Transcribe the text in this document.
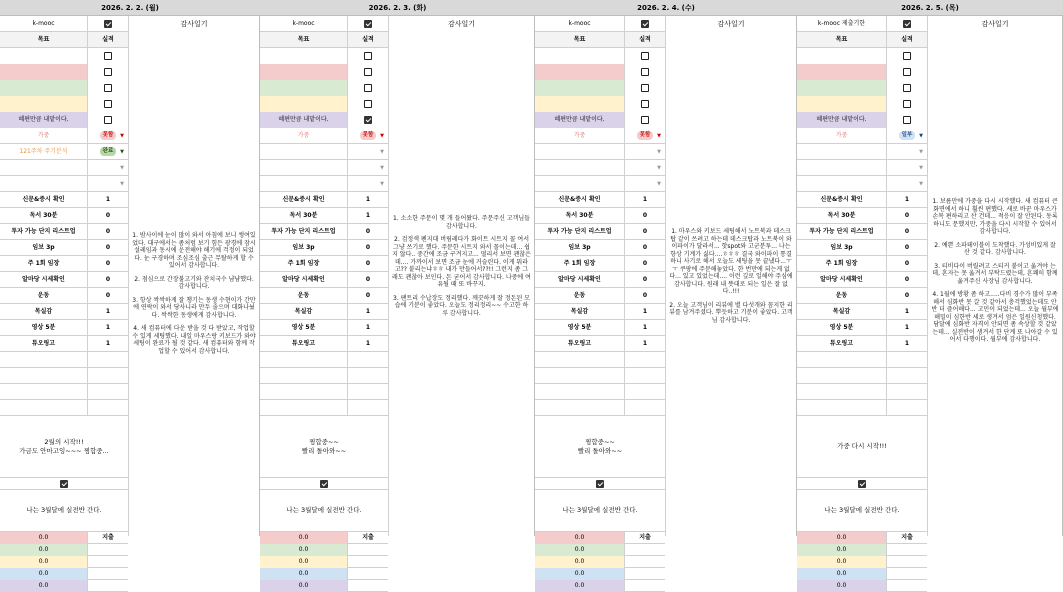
2026. 2. 2. (월)
k-mooc
목표	실적
혜편만큼 내맡이다.
가중	못함 ▼
121주차 주기분석	완료 ▼
▼
▼
신문&증시 확인	1
독서 30분	0
투자 가능 단지 리스트업	0
임보 3p	0
주 1회 임장	0
알마당 시세확인	0
운동	0
목실감	1
영상 5분	1
튜오링고	1
2월의 시작!!!
가금도 안마고잉~~~ 찡합중...
나는 3월달에 실전반 간다.
0.0	지출
0.0
0.0
0.0
0.0
감사일기

1. 밤사이에 눈이 많이 와서 아침에 보니 썽여있었다. 대구에서는 좀처럼 보기 힘든 광경에 잠시 설레임과 동시에 운전해야 해기에 걱정이 되었다. 눈 구경하며 조심조심 출근 무탈하게 할 수 있어서 감사합니다.

2. 점심으로 간장불고기와 잔치국수 냠냠했다. 감사합니다.

3. 항상 싹싹하게 잘 챙기는 동생 수현이가 간만에 연락이 와서 당사니라 만두 줄으며 대화나눴다. 싹싹한 동생에게 감사합니다.

4. 새 컴퓨터에 다운 받을 것 다 받았고, 작업할 수 있게 세팅했다. 내일 마우스랑 키보드가 와야 세팅이 완료가 될 것 같다. 새 컴퓨터와 함께 작업할 수 있어서 감사합니다.

2026. 2. 3. (화)
k-mooc
목표	실적
혜편만큼 내맡이다.
가중	못함 ▼
▼
▼
▼
신문&증시 확인	1
독서 30분	1
투자 가능 단지 리스트업	0
임보 3p	0
주 1회 임장	0
알마당 시세확인	0
운동	0
목실감	1
영상 5분	1
튜오링고	1
찡합중~~
빨리 돌아와~~
나는 3월달에 실전반 간다.
0.0	지출
0.0
0.0
0.0
0.0
감사일기

1. 소소한 주문이 몇 개 들어왔다. 주문주신 고객님들 감사합니다.

2. 검정색 펜지대 버림레다가 화이트 시트지 꼴 여서 그냥 쓰기로 했다. 주문한 시트지 와서 꼴이는데... 쉽지 않다.. 중간에 조금 구겨지고... 떨리서 보면 괜찮은데.... 가까이서 보면 조금 눈에 거슬린다. 이게 뭐라고?? 붙리는냐ㅎㅎ 내가 만들어서??!! 그런지 좀 그래도 괜찮아 보인다. 돈 굳어서 감사합니다. 나중에 여유될 때 또 바꾸지.

3. 팬트리 수납장도 정리했다. 깨끗하게 잘 정돈된 모습에 기분이 좋았다. 오늘도 정리정리~~ 수고한 하루 감사합니다.

2026. 2. 4. (수)
k-mooc
목표	실적
혜편만큼 내맡이다.
가중	못함 ▼
▼
▼
▼
신문&증시 확인	1
독서 30분	0
투자 가능 단지 리스트업	0
임보 3p	0
주 1회 임장	0
알마당 시세확인	0
운동	0
목실감	1
영상 5분	1
튜오링고	1
찡합중~~
빨리 돌아와~~
나는 3월달에 실전반 간다.
0.0	지출
0.0
0.0
0.0
0.0
감사일기

1. 마우스와 키보드 세팅해서 노트북과 데스크탑 같이 쓰려고 하는데 데스크탑과 노트북이 와이파이가 달라서... 핫spot와 고군분투... 나는 항상 기계가 싫다....ㅎㅎㅎ 결국 와이파이 통결 하니 사기로 해서 오늘도 세팅을 못 끝냈다...ㅜㅜ 쿠팡에 주문해놓았다. 한 번만에 되는게 없다... 있고 있었는데.... 이런 깊로 일해야 주심에 감사합니다. 원래 내 뜻대로 되는 일은 잘 없다..!!!

2. 오늘 고객님이 리뷰에 별 다섯개와 꼼지한 리뷰를 남겨주셨다. 뿌듯하고 기분이 좋았다. 고객님 감사합니다.

2026. 2. 5. (목)
k-mooc 제출기한
목표	실적
혜편만큼 내맡이다.
가중	일부 ▼
▼
▼
▼
신문&증시 확인	1
독서 30분	0
투자 가능 단지 리스트업	0
임보 3p	0
주 1회 임장	0
알마당 시세확인	0
운동	0
목실감	1
영상 5분	1
튜오링고	1
가중 다시 시작!!!
나는 3월달에 실전반 간다.
0.0	지출
0.0
0.0
0.0
0.0
감사일기

1. 보름만에 가중을 다시 시작했다. 새 컴퓨터 큰 화면에서 하니 훨씬 편했다. 새로 바꾼 마우스가 손목 편하리고 산 건데... 적응이 잘 안된다. 동록하니도 문했지만, 가중을 다시 시작할 수 있어서 감사합니다.

2. 예쁜 소파테이블이 도착했다. 가성비있게 잘 산 것 같다. 감사합니다.

3. 티비다이 버릴려고 스티커 붙이고 옮겨야 는데, 혼자는 못 옮겨서 부탁드렸는데, 흔쾌히 함께 옮겨주신 사장님 감사합니다.

4. 1월에 방황 좀 하고.....다비 경수가 많이 부족해서 심화반 못 갈 것 같아서 충걱했었는데도 안 반 더 즐어해다... 고민이 되었는데... 오늘 월부에 해밀이 심한반 세로 생겨서 엄은 일원신청했다. 담달에 심화반 자격이 안되면 좀 속상할 것 같았는데... 실전반이 생겨서 한 단계 또 나아갈 수 있어서 다행이다. 월부에 감사합니다.
